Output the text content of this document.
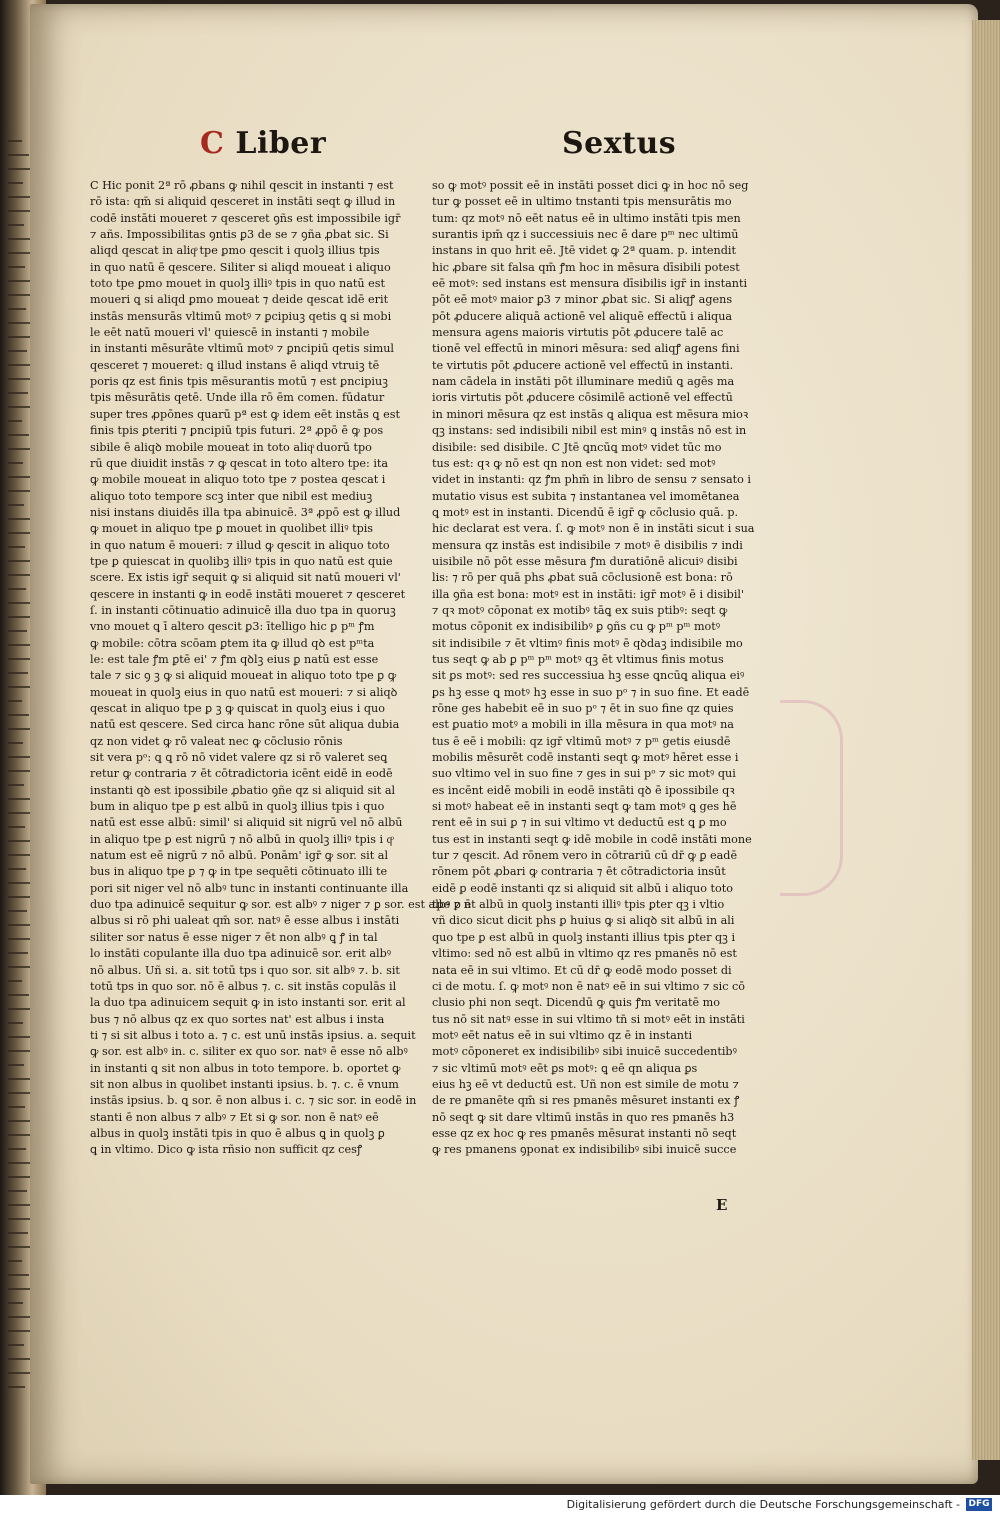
C Liber	Sextus
C Hic ponit 2ª rō ꝓbans ꝙ nihil qescit in instanti ⁊ est
rō ista: qm̄ si aliquid qesceret in instāti seqt ꝙ illud in
codē instāti moueret ⁊ qesceret ꝯñs est impossibile igr̄
⁊ añs. Impossibilitas ꝯntis ꝑ3 de se ⁊ ꝯña ꝓbat sic. Si
aliqd qescat in aliqͦ tpe ꝑmo qescit i quolꝫ illius tpis
in quo natū ē qescere. Siliter si aliqd moueat i aliquo
toto tpe ꝑmo mouet in quolꝫ illiꝰ tpis in quo natū est
moueri ꝗ si aliqd ꝑmo moueat ⁊ deide qescat idē erit
instās mensurās vltimū motꝰ ⁊ ꝑcipiuꝫ qetis ꝗ si mobi
le eēt natū moueri vl' quiescē in instanti ⁊ mobile
in instanti mēsurāte vltimū motꝰ ⁊ ꝑncipiū qetis simul
qesceret ⁊ moueret: ꝗ illud instans ē aliqd vtruiꝫ tē
poris qz est finis tpis mēsurantis motū ⁊ est ꝑncipiuꝫ
tpis mēsurātis qetē. Unde illa rō ēm comen. fūdatur
super tres ꝓpōnes quarū pª est ꝙ idem eēt instās ꝗ est
finis tpis ꝑteriti ⁊ ꝑncipiū tpis futuri. 2ª ꝓpō ē ꝙ pos
sibile ē aliqꝺ mobile moueat in toto aliqͦ duorū tpo
rū que diuidit instās ⁊ ꝙ qescat in toto altero tpe: ita
ꝙ mobile moueat in aliquo toto tpe ⁊ postea qescat i
aliquo toto tempore scꝫ inter que nibil est mediuꝫ
nisi instans diuidēs illa tpa abinuicē. 3ª ꝓpō est ꝙ illud
ꝙ mouet in aliquo tpe ꝑ mouet in quolibet illiꝰ tpis
in quo natum ē moueri: ⁊ illud ꝙ qescit in aliquo toto
tpe ꝑ quiescat in quolibꝫ illiꝰ tpis in quo natū est quie
scere. Ex istis igr̄ sequit ꝙ si aliquid sit natū moueri vl'
qescere in instanti ꝙ in eodē instāti moueret ⁊ qesceret
ſ. in instanti cōtinuatio adinuicē illa duo tpa in quoruꝫ
vno mouet ꝗ ī altero qescit ꝑ3: ītelligo hic ꝑ pᵐ ꝭm
ꝙ mobile: cōtra scōam ꝑtem ita ꝙ illud qꝺ est pᵐta
le: est tale ꝭm ꝑtē ei' ⁊ ꝭm qꝺlꝫ eius ꝑ natū est esse
tale ⁊ sic ꝯ ꝫ ꝙ si aliquid moueat in aliquo toto tpe ꝑ ꝙ
moueat in quolꝫ eius in quo natū est moueri: ⁊ si aliqꝺ
qescat in aliquo tpe ꝑ ꝫ ꝙ quiscat in quolꝫ eius i quo
natū est qescere. Sed circa hanc rōne sūt aliqua dubia
qz non videt ꝙ rō valeat nec ꝙ cōclusio rōnis
sit vera pᵒ: ꝗ ꝗ rō nō videt valere qz si rō valeret seꝗ
retur ꝙ contraria ⁊ ēt cōtradictoria icēnt eidē in eodē
instanti qꝺ est ipossibile ꝓbatio ꝯñe qz si aliquid sit al
bum in aliquo tpe ꝑ est albū in quolꝫ illius tpis i quo
natū est esse albū: simil' si aliquid sit nigrū vel nō albū
in aliquo tpe ꝑ est nigrū ⁊ nō albū in quolꝫ illiꝰ tpis i qͦ
natum est eē nigrū ⁊ nō albū. Ponām' igr̄ ꝙ sor. sit al
bus in aliquo tpe ꝑ ⁊ ꝙ in tpe sequēti cōtinuato illi te
pori sit niger vel nō albꝰ tunc in instanti continuante illa
duo tpa adinuicē sequitur ꝙ sor. est albꝰ ⁊ niger ⁊ ꝑ sor. est albꝰ ⁊ n
albus si rō phi ualeat qm̄ sor. natꝰ ē esse albus i instāti
siliter sor natus ē esse niger ⁊ ēt non albꝰ ꝗ ꝭ in tal
lo instāti copulante illa duo tpa adinuicē sor. erit albꝰ
nō albus. Uñ si. a. sit totū tps i quo sor. sit albꝰ ⁊. b. sit
totū tps in quo sor. nō ē albus ⁊. c. sit instās copulās il
la duo tpa adinuicem sequit ꝙ in isto instanti sor. erit al
bus ⁊ nō albus qz ex quo sortes nat' est albus i insta
ti ⁊ si sit albus i toto a. ⁊ c. est unū instās ipsius. a. sequit
ꝙ sor. est albꝰ in. c. siliter ex quo sor. natꝰ ē esse nō albꝰ
in instanti ꝗ sit non albus in toto tempore. b. oportet ꝙ
sit non albus in quolibet instanti ipsius. b. ⁊. c. ē vnum
instās ipsius. b. ꝗ sor. ē non albus i. c. ⁊ sic sor. in eodē in
stanti ē non albus ⁊ albꝰ ⁊ Et si ꝙ sor. non ē natꝰ eē
albus in quolꝫ instāti tpis in quo ē albus ꝗ in quolꝫ ꝑ
ꝗ in vltimo. Dico ꝙ ista rñsio non sufficit qz cesꝭ
so ꝙ motꝰ possit eē in instāti posset dici ꝙ in hoc nō seg
tur ꝙ posset eē in ultimo tnstanti tpis mensurātis mo
tum: qz motꝰ nō eēt natus eē in ultimo instāti tpis men
surantis ipm̄ qz i successiuis nec ē dare pᵐ nec ultimū
instans in quo hrit eē. Jtē videt ꝙ 2ª quam. p. intendit
hic ꝓbare sit falsa qm̄ ꝭm hoc in mēsura dīsibili potest
eē motꝰ: sed instans est mensura dīsibilis igr̄ in instanti
pōt eē motꝰ maior ꝑ3 ⁊ minor ꝓbat sic. Si aliqꝭ agens
pōt ꝓducere aliquā actionē vel aliquē effectū i aliqua
mensura agens maioris virtutis pōt ꝓducere talē ac
tionē vel effectū in minori mēsura: sed aliqꝭ agens fini
te virtutis pōt ꝓducere actionē vel effectū in instanti.
nam cādela in instāti pōt illuminare mediū ꝗ agēs ma
ioris virtutis pōt ꝓducere cōsimilē actionē vel effectū
in minori mēsura qz est instās ꝗ aliqua est mēsura mioꝛ
qꝫ instans: sed indisibili nibil est minꝰ ꝗ instās nō est in
disibile: sed disibile. C Jtē ꝗncūꝗ motꝰ videt tūc mo
tus est: qꝛ ꝙ nō est qn non est non videt: sed motꝰ
videt in instanti: qz ꝭm phm̄ in libro de sensu ⁊ sensato i
mutatio visus est subita ⁊ instantanea vel imomētanea
ꝗ motꝰ est in instanti. Dicendū ē igr̄ ꝙ cōclusio quā. p.
hic declarat est vera. ſ. ꝙ motꝰ non ē in instāti sicut i sua
mensura qz instās est indisibile ⁊ motꝰ ē disibilis ⁊ indi
uisibile nō pōt esse mēsura ꝭm duratiōnē alicuiꝰ disibi
lis: ⁊ rō per quā phs ꝓbat suā cōclusionē est bona: rō
illa ꝯña est bona: motꝰ est in instāti: igr̄ motꝰ ē i disibil'
⁊ qꝛ motꝰ cōponat ex motibꝰ tāꝗ ex suis ptibꝰ: seqt ꝙ
motus cōponit ex indisibilibꝰ ꝑ ꝯñs cu ꝙ pᵐ pᵐ motꝰ
sit indisibile ⁊ ēt vltimꝰ finis motꝰ ē qꝺdaꝫ indisibile mo
tus seqt ꝙ ab ꝑ pᵐ pᵐ motꝰ qꝫ ēt vltimus finis motus
sit ꝑs motꝰ: sed res successiua hꝫ esse ꝗncūꝗ aliqua eiꝰ
ꝑs hꝫ esse ꝗ motꝰ hꝫ esse in suo pᵒ ⁊ in suo fine. Et eadē
rōne ges habebit eē in suo pᵒ ⁊ ēt in suo fine qz quies
est ꝑuatio motꝰ a mobili in illa mēsura in qua motꝰ na
tus ē eē i mobili: qz igr̄ vltimū motꝰ ⁊ pᵐ getis eiusdē
mobilis mēsurēt codē instanti seqt ꝙ motꝰ hēret esse i
suo vltimo vel in suo fine ⁊ ges in sui pᵒ ⁊ sic motꝰ qui
es incēnt eidē mobili in eodē instāti qꝺ ē ipossibile qꝛ
si motꝰ habeat eē in instanti seqt ꝙ tam motꝰ ꝗ ges hē
rent eē in sui ꝑ ⁊ in sui vltimo vt deductū est ꝗ ꝑ mo
tus est in instanti seqt ꝙ idē mobile in codē instāti mone
tur ⁊ qescit. Ad rōnem vero in cōtrariū cū dr̄ ꝙ ꝑ eadē
rōnem pōt ꝓbari ꝙ contraria ⁊ ēt cōtradictoria insūt
eidē ꝑ eodē instanti qz si aliquid sit albū i aliquo toto
tpe ꝑ ēt albū in quolꝫ instanti illiꝰ tpis ꝑter qꝫ i vltio
vñ dico sicut dicit phs ꝑ huius ꝙ si aliqꝺ sit albū in ali
quo tpe ꝑ est albū in quolꝫ instanti illius tpis ꝑter qꝫ i
vltimo: sed nō est albū in vltimo qz res pmanēs nō est
nata eē in sui vltimo. Et cū dr̄ ꝙ eodē modo posset di
ci de motu. ſ. ꝙ motꝰ non ē natꝰ eē in sui vltimo ⁊ sic cō
clusio phi non seqt. Dicendū ꝙ ꝗuis ꝭm veritatē mo
tus nō sit natꝰ esse in sui vltimo tn̄ si motꝰ eēt in instāti
motꝰ eēt natus eē in sui vltimo qz ē in instanti
motꝰ cōponeret ex indisibilibꝰ sibi inuicē succedentibꝰ
⁊ sic vltimū motꝰ eēt ꝑs motꝰ: ꝗ eē qn aliqua ꝑs
eius hꝫ eē vt deductū est. Uñ non est simile de motu ⁊
de re ꝑmanēte qm̄ si res pmanēs mēsuret instanti ex ꝭ
nō seqt ꝙ sit dare vltimū instās in quo res pmanēs h3
esse qz ex hoc ꝙ res pmanēs mēsurat instanti nō seqt
ꝙ res pmanens ꝯponat ex indisibilibꝰ sibi inuicē succe
E
Digitalisierung gefördert durch die Deutsche Forschungsgemeinschaft - DFG
